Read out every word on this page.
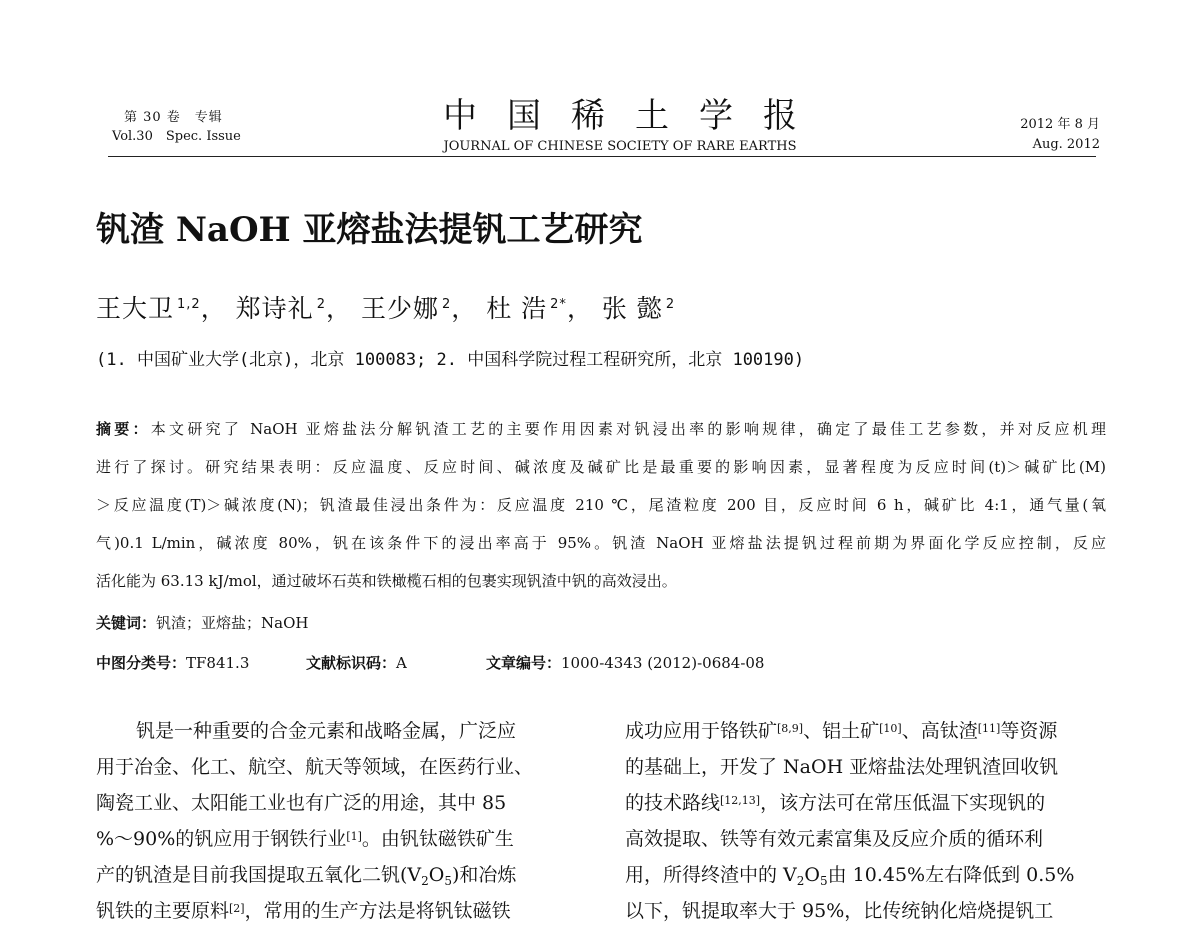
第 30 卷　专辑
Vol.30　Spec. Issue
中国稀土学报
JOURNAL OF CHINESE SOCIETY OF RARE EARTHS
2012 年 8 月
Aug. 2012
钒渣 NaOH 亚熔盐法提钒工艺研究
王大卫 $^{1,2}$， 郑诗礼 $^2$， 王少娜 $^2$， 杜 浩 $^{2*}$， 张 懿 $^2$
(1. 中国矿业大学(北京)，北京 100083; 2. 中国科学院过程工程研究所，北京 100190)
摘要：本文研究了 NaOH 亚熔盐法分解钒渣工艺的主要作用因素对钒浸出率的影响规律，确定了最佳工艺参数，并对反应机理
进行了探讨。研究结果表明：反应温度、反应时间、碱浓度及碱矿比是最重要的影响因素，显著程度为反应时间(t)＞碱矿比(M)
＞反应温度(T)＞碱浓度(N)；钒渣最佳浸出条件为：反应温度 210 ℃，尾渣粒度 200 目，反应时间 6 h，碱矿比 4:1，通气量(氧
气)0.1 L/min，碱浓度 80%，钒在该条件下的浸出率高于 95%。钒渣 NaOH 亚熔盐法提钒过程前期为界面化学反应控制，反应
活化能为 63.13 kJ/mol，通过破坏石英和铁橄榄石相的包裹实现钒渣中钒的高效浸出。
关键词：钒渣；亚熔盐；NaOH
中图分类号：TF841.3	文献标识码：A	文章编号：1000-4343 (2012)-0684-08
钒是一种重要的合金元素和战略金属，广泛应
用于冶金、化工、航空、航天等领域，在医药行业、
陶瓷工业、太阳能工业也有广泛的用途，其中 85
%～90%的钒应用于钢铁行业[1]。由钒钛磁铁矿生
产的钒渣是目前我国提取五氧化二钒$(V_2O_5)$和冶炼
钒铁的主要原料[2]，常用的生产方法是将钒钛磁铁
成功应用于铬铁矿[8,9]、铝土矿[10]、高钛渣[11]等资源
的基础上，开发了 NaOH 亚熔盐法处理钒渣回收钒
的技术路线[12,13]，该方法可在常压低温下实现钒的
高效提取、铁等有效元素富集及反应介质的循环利
用，所得终渣中的 $V_2O_5$由 10.45%左右降低到 0.5%
以下，钒提取率大于 95%，比传统钠化焙烧提钒工
